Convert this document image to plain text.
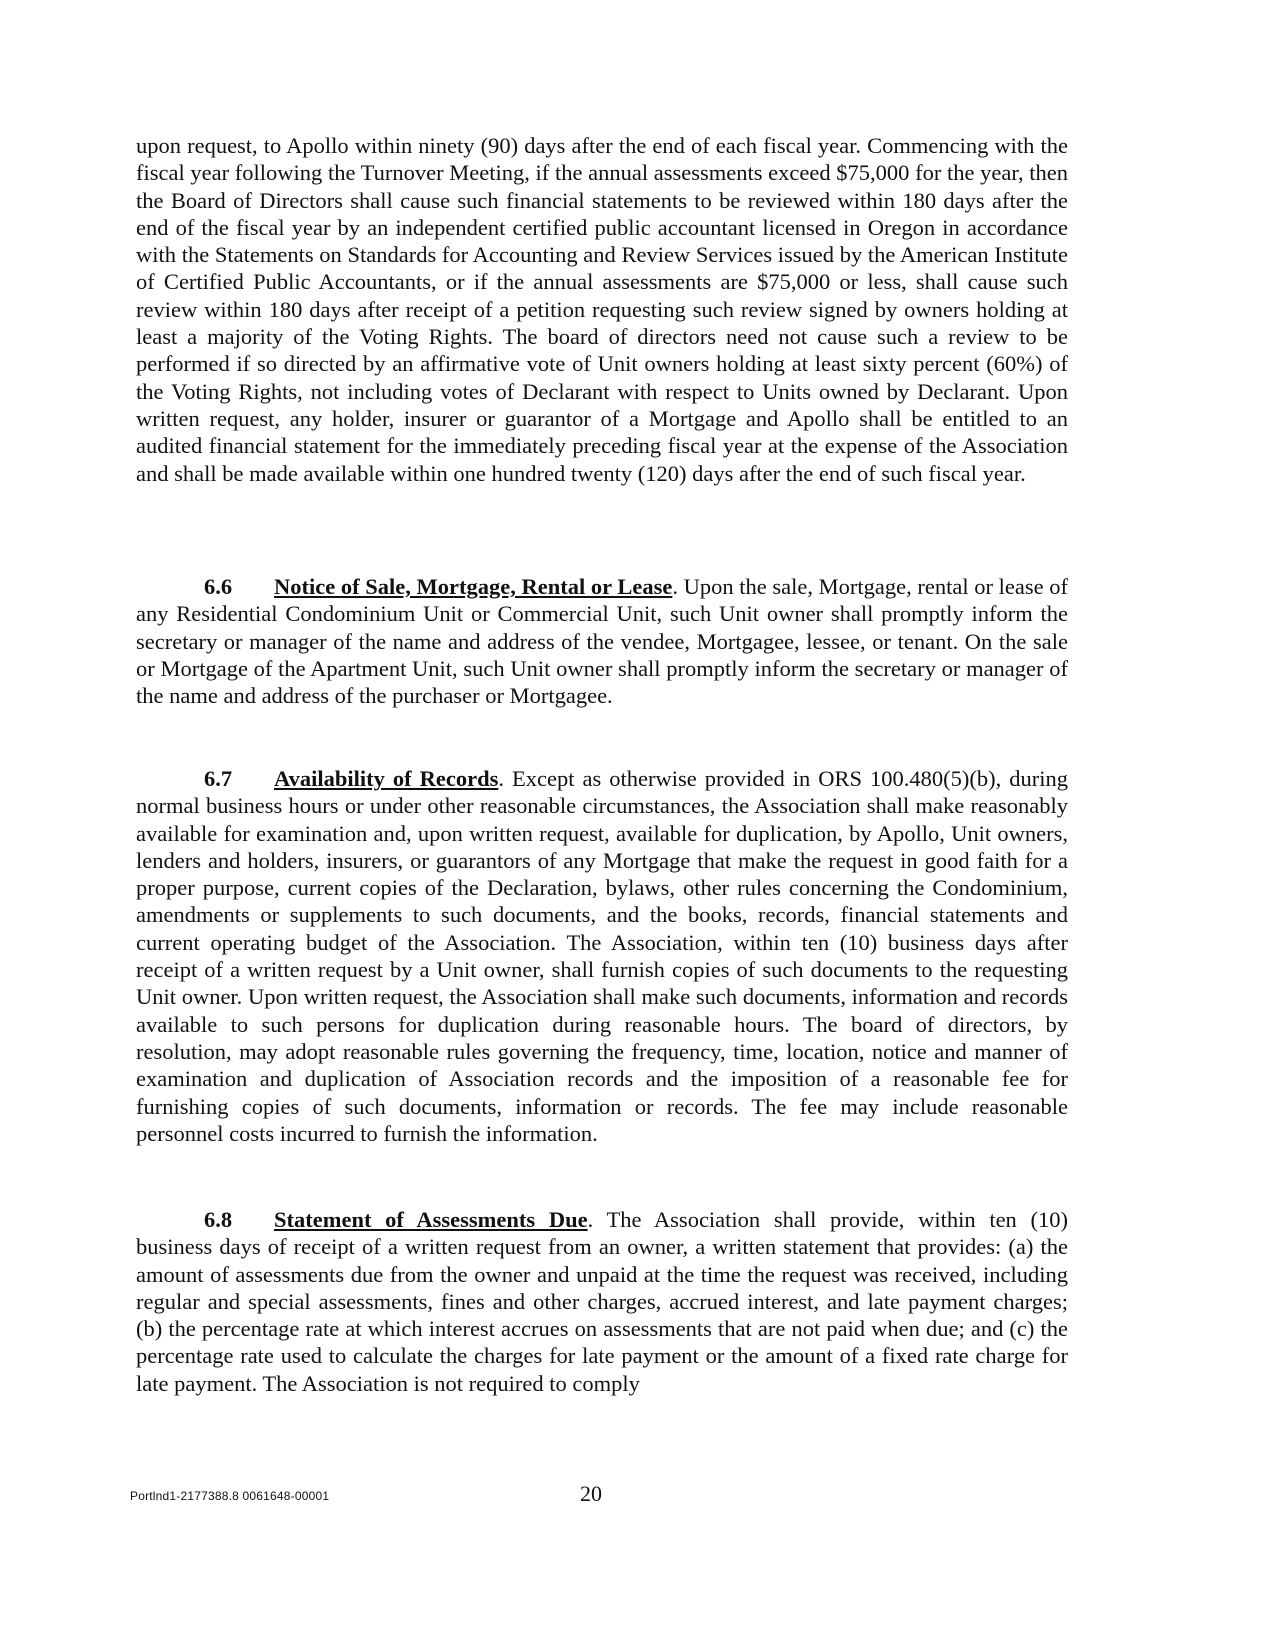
upon request, to Apollo within ninety (90) days after the end of each fiscal year. Commencing with the fiscal year following the Turnover Meeting, if the annual assessments exceed $75,000 for the year, then the Board of Directors shall cause such financial statements to be reviewed within 180 days after the end of the fiscal year by an independent certified public accountant licensed in Oregon in accordance with the Statements on Standards for Accounting and Review Services issued by the American Institute of Certified Public Accountants, or if the annual assessments are $75,000 or less, shall cause such review within 180 days after receipt of a petition requesting such review signed by owners holding at least a majority of the Voting Rights. The board of directors need not cause such a review to be performed if so directed by an affirmative vote of Unit owners holding at least sixty percent (60%) of the Voting Rights, not including votes of Declarant with respect to Units owned by Declarant. Upon written request, any holder, insurer or guarantor of a Mortgage and Apollo shall be entitled to an audited financial statement for the immediately preceding fiscal year at the expense of the Association and shall be made available within one hundred twenty (120) days after the end of such fiscal year.

6.6 Notice of Sale, Mortgage, Rental or Lease. Upon the sale, Mortgage, rental or lease of any Residential Condominium Unit or Commercial Unit, such Unit owner shall promptly inform the secretary or manager of the name and address of the vendee, Mortgagee, lessee, or tenant. On the sale or Mortgage of the Apartment Unit, such Unit owner shall promptly inform the secretary or manager of the name and address of the purchaser or Mortgagee.

6.7 Availability of Records. Except as otherwise provided in ORS 100.480(5)(b), during normal business hours or under other reasonable circumstances, the Association shall make reasonably available for examination and, upon written request, available for duplication, by Apollo, Unit owners, lenders and holders, insurers, or guarantors of any Mortgage that make the request in good faith for a proper purpose, current copies of the Declaration, bylaws, other rules concerning the Condominium, amendments or supplements to such documents, and the books, records, financial statements and current operating budget of the Association. The Association, within ten (10) business days after receipt of a written request by a Unit owner, shall furnish copies of such documents to the requesting Unit owner. Upon written request, the Association shall make such documents, information and records available to such persons for duplication during reasonable hours. The board of directors, by resolution, may adopt reasonable rules governing the frequency, time, location, notice and manner of examination and duplication of Association records and the imposition of a reasonable fee for furnishing copies of such documents, information or records. The fee may include reasonable personnel costs incurred to furnish the information.

6.8 Statement of Assessments Due. The Association shall provide, within ten (10) business days of receipt of a written request from an owner, a written statement that provides: (a) the amount of assessments due from the owner and unpaid at the time the request was received, including regular and special assessments, fines and other charges, accrued interest, and late payment charges; (b) the percentage rate at which interest accrues on assessments that are not paid when due; and (c) the percentage rate used to calculate the charges for late payment or the amount of a fixed rate charge for late payment. The Association is not required to comply

Portlnd1-2177388.8 0061648-00001	20
